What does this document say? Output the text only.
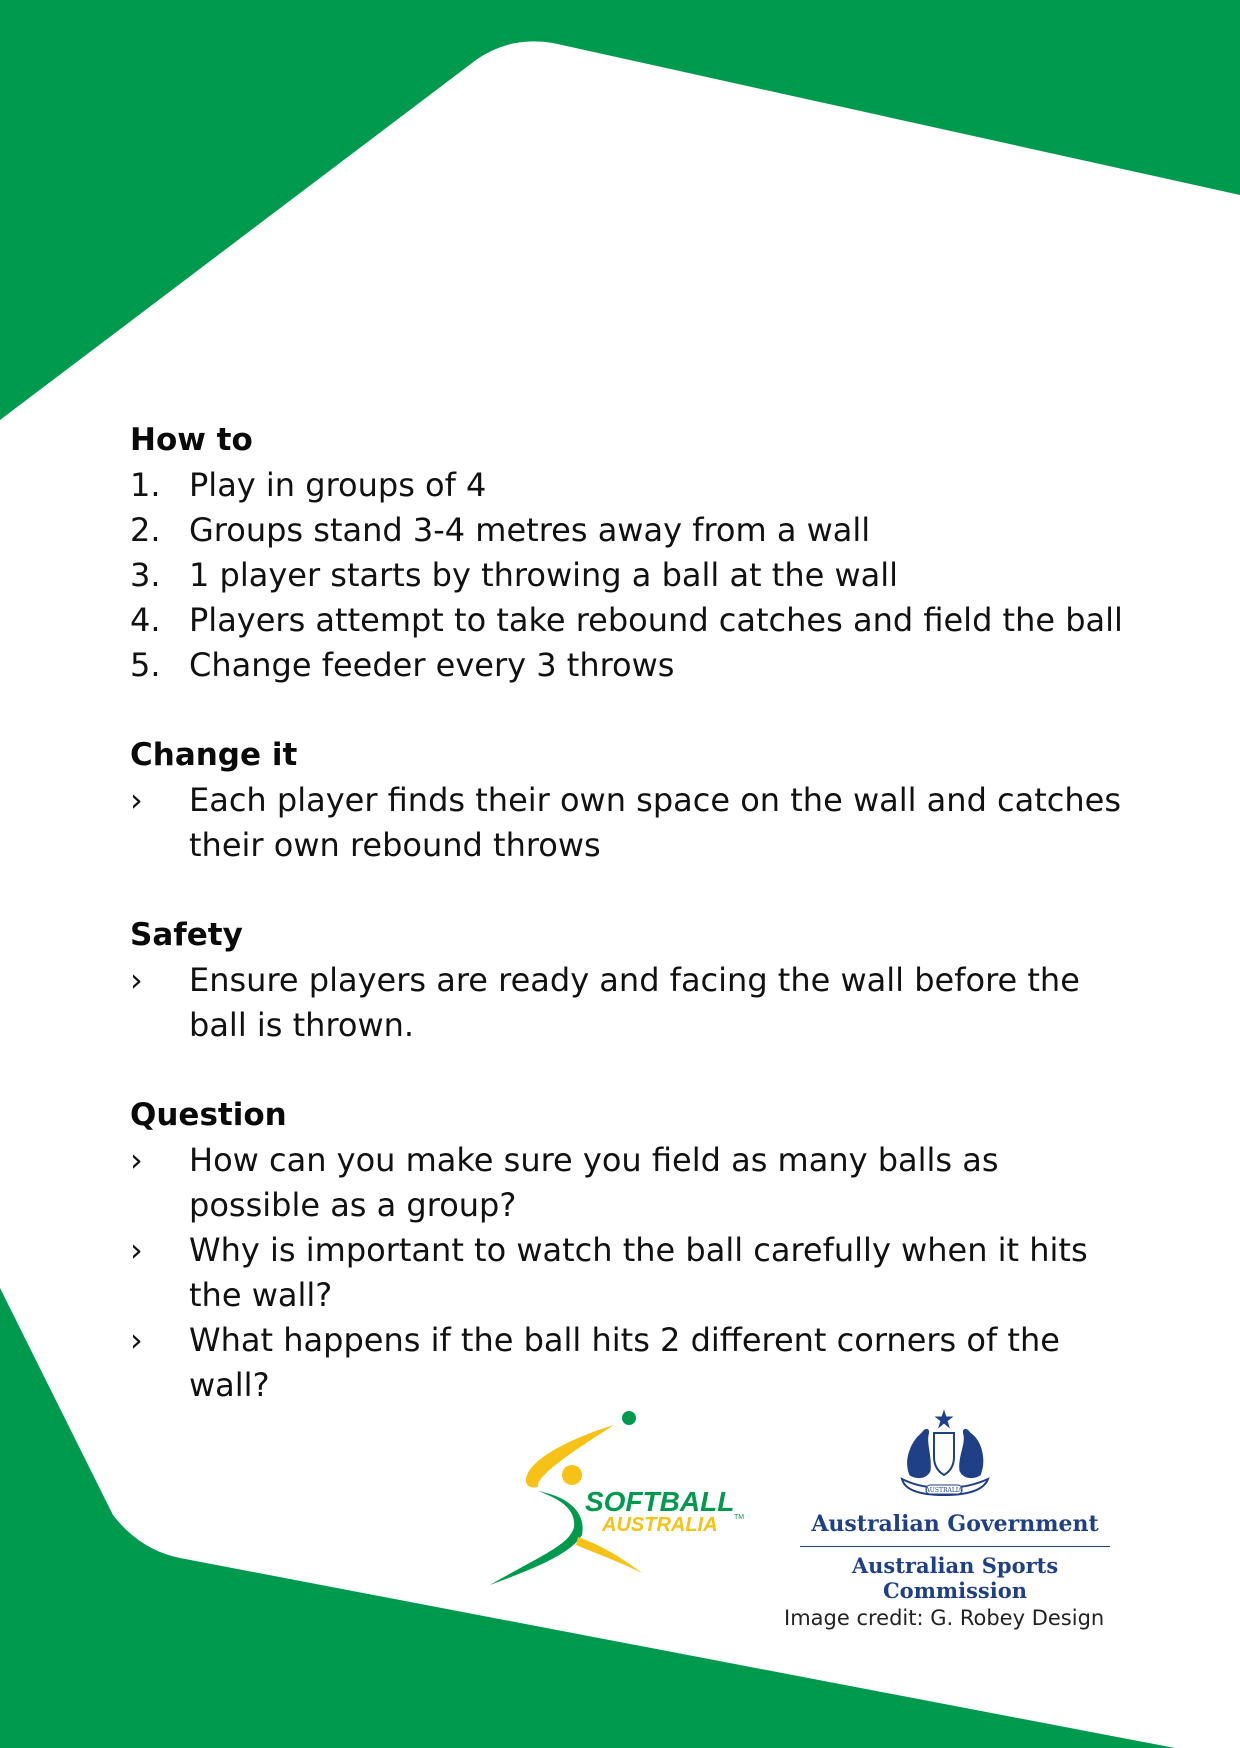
How to
1. Play in groups of 4
2. Groups stand 3-4 metres away from a wall
3. 1 player starts by throwing a ball at the wall
4. Players attempt to take rebound catches and field the ball
5. Change feeder every 3 throws
Change it
›	Each player finds their own space on the wall and catches their own rebound throws
Safety
›	Ensure players are ready and facing the wall before the ball is thrown.
Question
›	How can you make sure you field as many balls as possible as a group?
›	Why is important to watch the ball carefully when it hits the wall?
›	What happens if the ball hits 2 different corners of the wall?
SOFTBALL
AUSTRALIA TM
AUSTRALIA
Australian Government
Australian Sports Commission
Image credit: G. Robey Design
